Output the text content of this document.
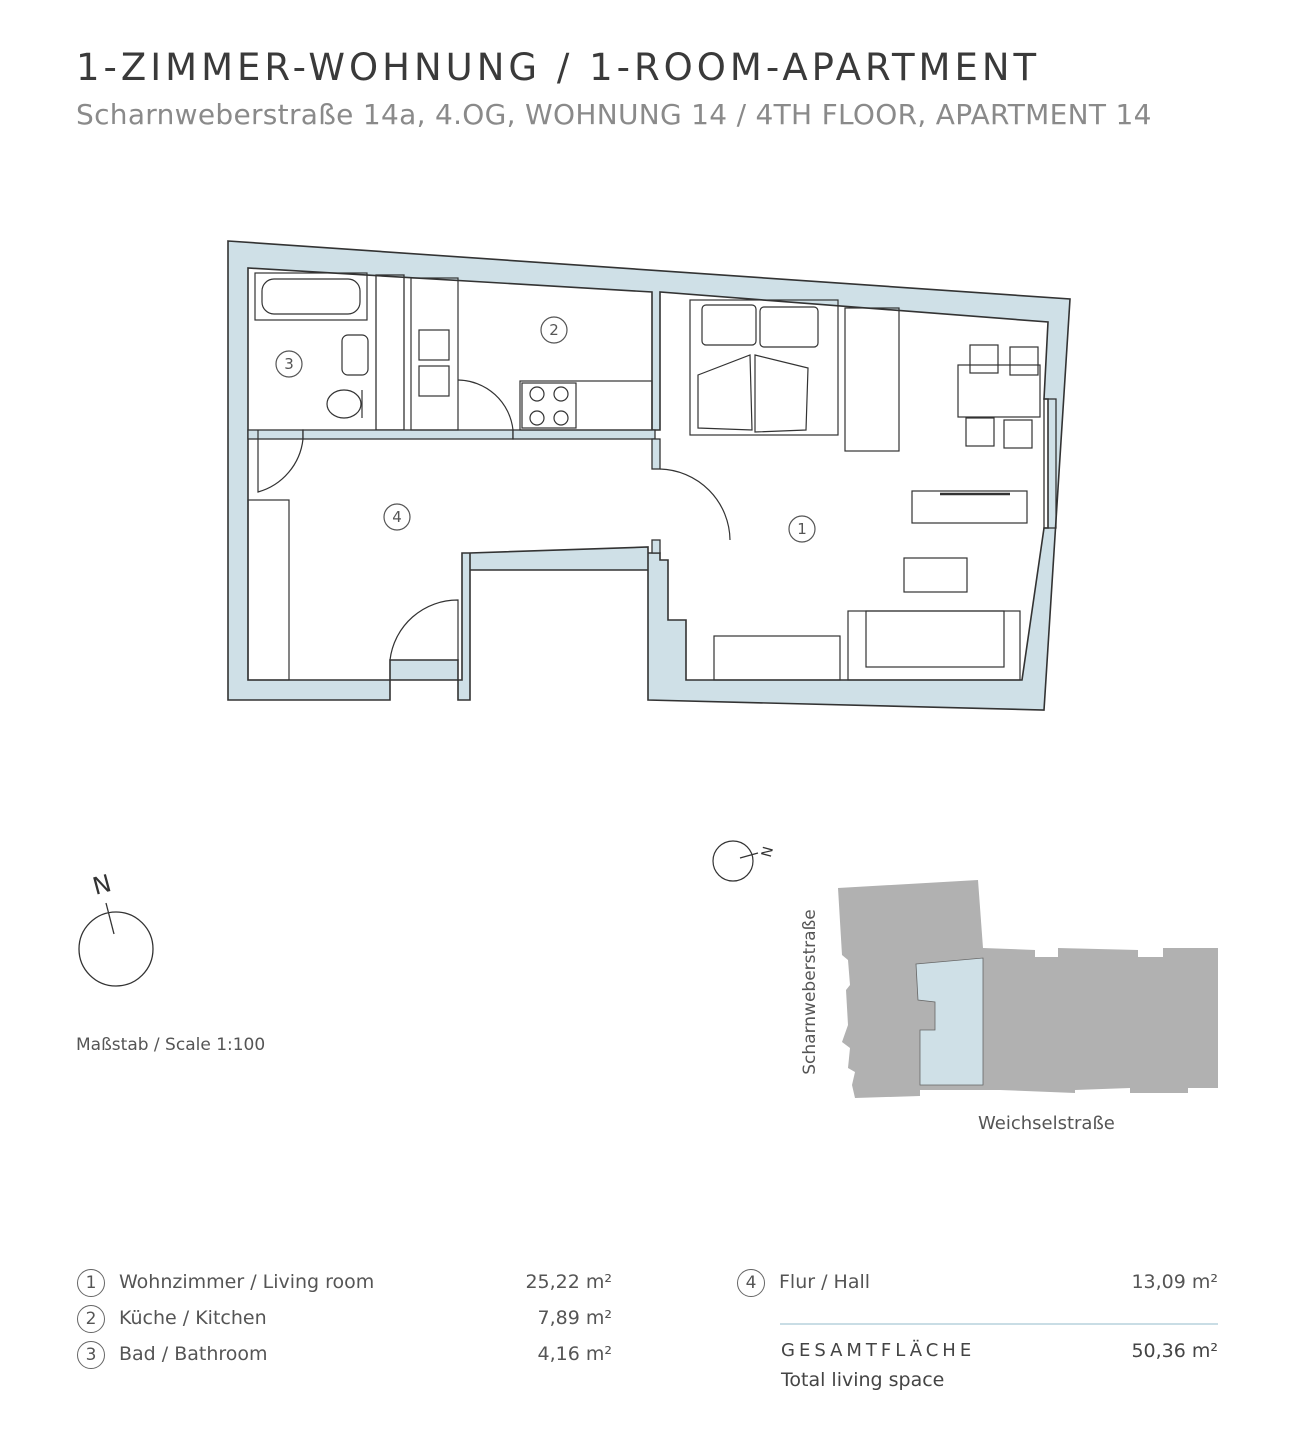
1-ZIMMER-WOHNUNG / 1-ROOM-APARTMENT
Scharnweberstraße 14a, 4.OG, WOHNUNG 14 / 4TH FLOOR, APARTMENT 14
1
2
3
4
N
N
Maßstab / Scale 1:100	Scharnweberstraße
Weichselstraße
1 Wohnzimmer / Living room	25,22 m²
2 Küche / Kitchen	7,89 m²
3 Bad / Bathroom	4,16 m²
4 Flur / Hall	13,09 m²
GESAMTFLÄCHE
Total living space
50,36 m²
